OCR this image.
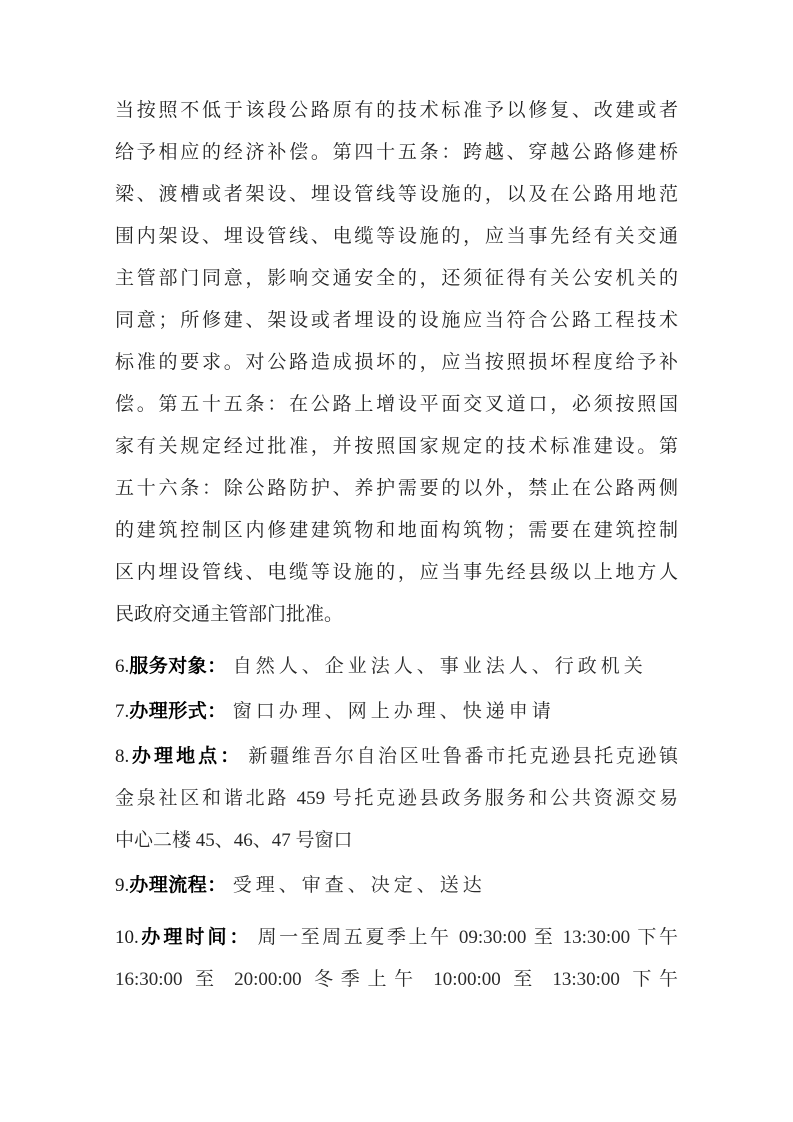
当按照不低于该段公路原有的技术标准予以修复、改建或者
给予相应的经济补偿。第四十五条：跨越、穿越公路修建桥
梁、渡槽或者架设、埋设管线等设施的，以及在公路用地范
围内架设、埋设管线、电缆等设施的，应当事先经有关交通
主管部门同意，影响交通安全的，还须征得有关公安机关的
同意；所修建、架设或者埋设的设施应当符合公路工程技术
标准的要求。对公路造成损坏的，应当按照损坏程度给予补
偿。第五十五条：在公路上增设平面交叉道口，必须按照国
家有关规定经过批准，并按照国家规定的技术标准建设。第
五十六条：除公路防护、养护需要的以外，禁止在公路两侧
的建筑控制区内修建建筑物和地面构筑物；需要在建筑控制
区内埋设管线、电缆等设施的，应当事先经县级以上地方人
民政府交通主管部门批准。
6.服务对象： 自然人、企业法人、事业法人、行政机关
7.办理形式： 窗口办理、网上办理、快递申请
8.办理地点： 新疆维吾尔自治区吐鲁番市托克逊县托克逊镇
金泉社区和谐北路 459 号托克逊县政务服务和公共资源交易
中心二楼 45、46、47 号窗口
9.办理流程： 受理、审查、决定、送达
10.办理时间： 周一至周五夏季上午 09:30:00 至 13:30:00 下午
16:30:00 至 20:00:00 冬季上午 10:00:00 至 13:30:00 下午
